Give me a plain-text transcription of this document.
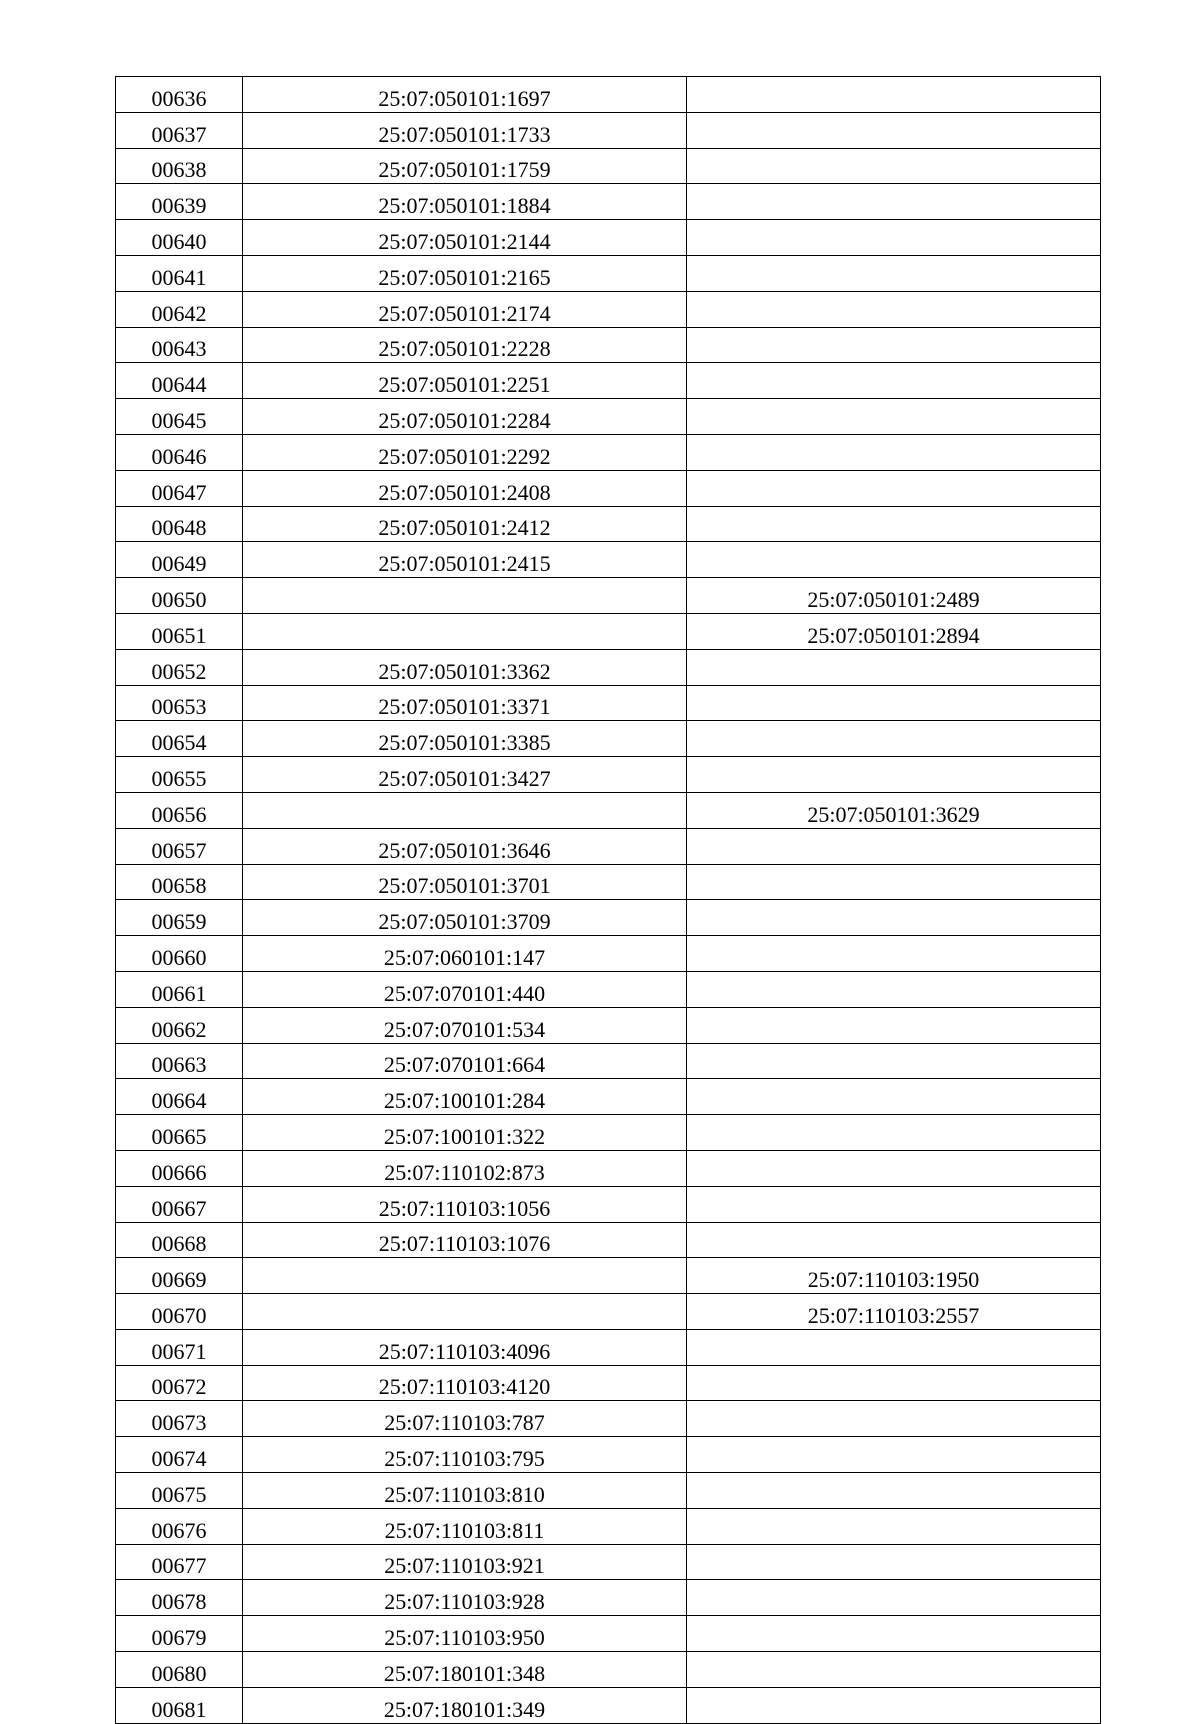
00636	25:07:050101:1697	
00637	25:07:050101:1733	
00638	25:07:050101:1759	
00639	25:07:050101:1884	
00640	25:07:050101:2144	
00641	25:07:050101:2165	
00642	25:07:050101:2174	
00643	25:07:050101:2228	
00644	25:07:050101:2251	
00645	25:07:050101:2284	
00646	25:07:050101:2292	
00647	25:07:050101:2408	
00648	25:07:050101:2412	
00649	25:07:050101:2415	
00650		25:07:050101:2489
00651		25:07:050101:2894
00652	25:07:050101:3362	
00653	25:07:050101:3371	
00654	25:07:050101:3385	
00655	25:07:050101:3427	
00656		25:07:050101:3629
00657	25:07:050101:3646	
00658	25:07:050101:3701	
00659	25:07:050101:3709	
00660	25:07:060101:147	
00661	25:07:070101:440	
00662	25:07:070101:534	
00663	25:07:070101:664	
00664	25:07:100101:284	
00665	25:07:100101:322	
00666	25:07:110102:873	
00667	25:07:110103:1056	
00668	25:07:110103:1076	
00669		25:07:110103:1950
00670		25:07:110103:2557
00671	25:07:110103:4096	
00672	25:07:110103:4120	
00673	25:07:110103:787	
00674	25:07:110103:795	
00675	25:07:110103:810	
00676	25:07:110103:811	
00677	25:07:110103:921	
00678	25:07:110103:928	
00679	25:07:110103:950	
00680	25:07:180101:348	
00681	25:07:180101:349	
